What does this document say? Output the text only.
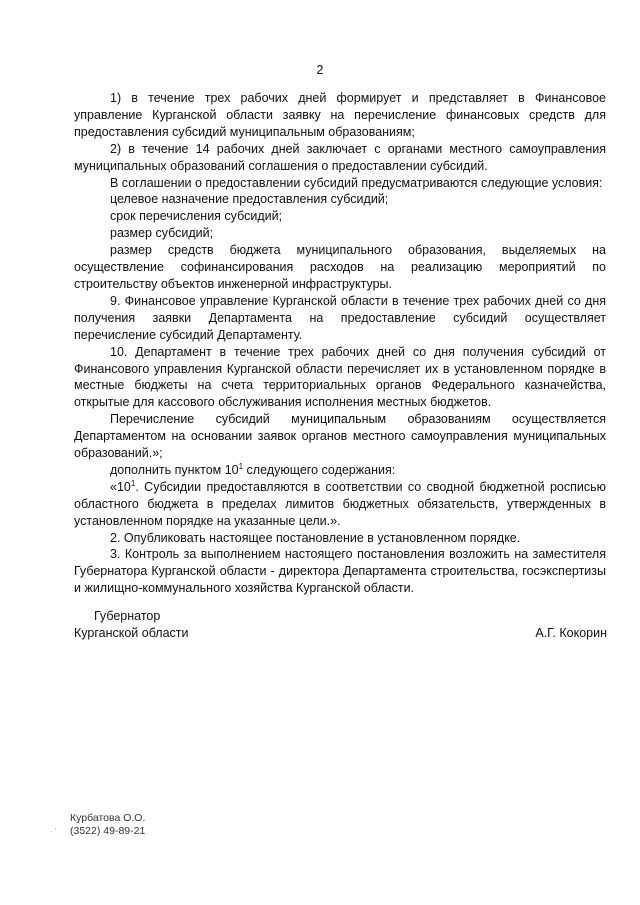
2

1) в течение трех рабочих дней формирует и представляет в Финансовое управление Курганской области заявку на перечисление финансовых средств для предоставления субсидий муниципальным образованиям;

2) в течение 14 рабочих дней заключает с органами местного самоуправления муниципальных образований соглашения о предоставлении субсидий.

В соглашении о предоставлении субсидий предусматриваются следующие условия:

целевое назначение предоставления субсидий;

срок перечисления субсидий;

размер субсидий;

размер средств бюджета муниципального образования, выделяемых на осуществление софинансирования расходов на реализацию мероприятий по строительству объектов инженерной инфраструктуры.

9. Финансовое управление Курганской области в течение трех рабочих дней со дня получения заявки Департамента на предоставление субсидий осуществляет перечисление субсидий Департаменту.

10. Департамент в течение трех рабочих дней со дня получения субсидий от Финансового управления Курганской области перечисляет их в установленном порядке в местные бюджеты на счета территориальных органов Федерального казначейства, открытые для кассового обслуживания исполнения местных бюджетов.

Перечисление субсидий муниципальным образованиям осуществляется Департаментом на основании заявок органов местного самоуправления муниципальных образований.»;

дополнить пунктом $10^1$ следующего содержания:

«$10^1$. Субсидии предоставляются в соответствии со сводной бюджетной росписью областного бюджета в пределах лимитов бюджетных обязательств, утвержденных в установленном порядке на указанные цели.».

2. Опубликовать настоящее постановление в установленном порядке.

3. Контроль за выполнением настоящего постановления возложить на заместителя Губернатора Курганской области - директора Департамента строительства, госэкспертизы и жилищно-коммунального хозяйства Курганской области.

Губернатор
Курганской области	А.Г. Кокорин
· '
Курбатова О.О.
(3522) 49-89-21
